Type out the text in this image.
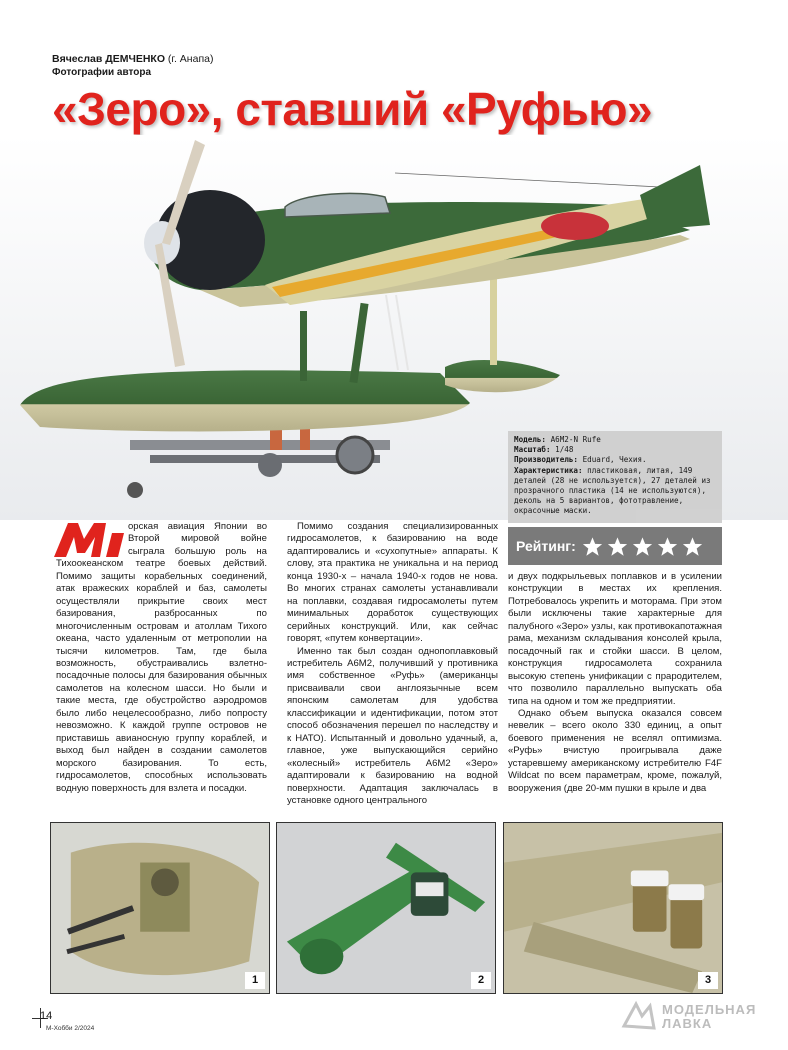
Вячеслав ДЕМЧЕНКО (г. Анапа)
Фотографии автора
«Зеро», ставший «Руфью»
Модель: A6M2-N Rufe
Масштаб: 1/48
Производитель: Eduard, Чехия.
Характеристика: пластиковая, литая, 149 деталей (28 не используется), 27 деталей из прозрачного пластика (14 не используются), деколь на 5 вариантов, фототравление, окрасочные маски.
Рейтинг:

орская авиация Японии во Второй мировой войне сыграла большую роль на Тихоокеанском театре боевых действий. Помимо защиты корабельных соединений, атак вражеских кораблей и баз, самолеты осуществляли прикрытие своих мест базирования, разбросанных по многочисленным островам и атоллам Тихого океана, часто удаленным от метрополии на тысячи километров. Там, где была возможность, обустраивались взлетно-посадочные полосы для базирования обычных самолетов на колесном шасси. Но были и такие места, где обустройство аэродромов было либо нецелесообразно, либо попросту невозможно. К каждой группе островов не приставишь авианосную группу кораблей, и выход был найден в создании самолетов морского базирования. То есть, гидросамолетов, способных использовать водную поверхность для взлета и посадки.

Помимо создания специализированных гидросамолетов, к базированию на воде адаптировались и «сухопутные» аппараты. К слову, эта практика не уникальна и на период конца 1930-х – начала 1940-х годов не нова. Во многих странах самолеты устанавливали на поплавки, создавая гидросамолеты путем минимальных доработок существующих серийных конструкций. Или, как сейчас говорят, «путем конвертации».

Именно так был создан однопоплавковый истребитель A6M2, получивший у противника имя собственное «Руфь» (американцы присваивали свои англоязычные всем японским самолетам для удобства классификации и идентификации, потом этот способ обозначения перешел по наследству и к НАТО). Испытанный и довольно удачный, а, главное, уже выпускающийся серийно «колесный» истребитель A6M2 «Зеро» адаптировали к базированию на водной поверхности. Адаптация заключалась в установке одного центрального

и двух подкрыльевых поплавков и в усилении конструкции в местах их крепления. Потребовалось укрепить и моторама. При этом были исключены такие характерные для палубного «Зеро» узлы, как противокапотажная рама, механизм складывания консолей крыла, посадочный гак и стойки шасси. В целом, конструкция гидросамолета сохранила высокую степень унификации с прародителем, что позволило параллельно выпускать оба типа на одном и том же предприятии.

Однако объем выпуска оказался совсем невелик – всего около 330 единиц, а опыт боевого применения не вселял оптимизма. «Руфь» вчистую проигрывала даже устаревшему американскому истребителю F4F Wildcat по всем параметрам, кроме, пожалуй, вооружения (две 20-мм пушки в крыле и два

1	2	3
14
М-Хобби 2/2024
МОДЕЛЬНАЯ
ЛАВКА
